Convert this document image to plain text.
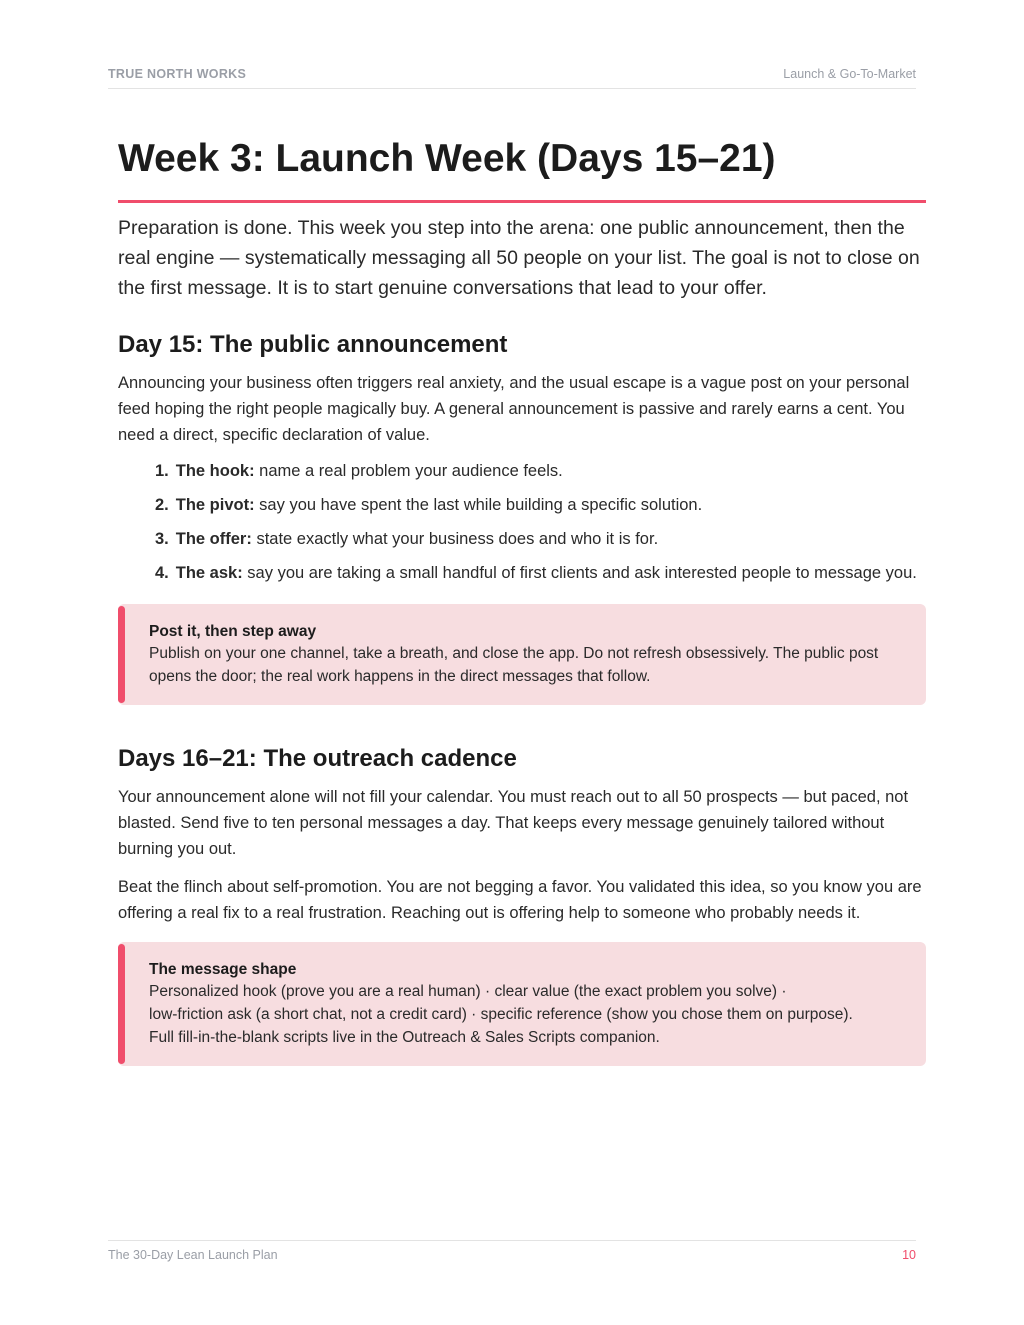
TRUE NORTH WORKS	Launch & Go-To-Market
Week 3: Launch Week (Days 15–21)

Preparation is done. This week you step into the arena: one public announcement, then the real engine — systematically messaging all 50 people on your list. The goal is not to close on the first message. It is to start genuine conversations that lead to your offer.

Day 15: The public announcement

Announcing your business often triggers real anxiety, and the usual escape is a vague post on your personal feed hoping the right people magically buy. A general announcement is passive and rarely earns a cent. You need a direct, specific declaration of value.

1. The hook: name a real problem your audience feels.
2. The pivot: say you have spent the last while building a specific solution.
3. The offer: state exactly what your business does and who it is for.
4. The ask: say you are taking a small handful of first clients and ask interested people to message you.
Post it, then step away
Publish on your one channel, take a breath, and close the app. Do not refresh obsessively. The public post opens the door; the real work happens in the direct messages that follow.
Days 16–21: The outreach cadence

Your announcement alone will not fill your calendar. You must reach out to all 50 prospects — but paced, not blasted. Send five to ten personal messages a day. That keeps every message genuinely tailored without burning you out.

Beat the flinch about self-promotion. You are not begging a favor. You validated this idea, so you know you are offering a real fix to a real frustration. Reaching out is offering help to someone who probably needs it.

The message shape
Personalized hook (prove you are a real human) · clear value (the exact problem you solve) ·
low-friction ask (a short chat, not a credit card) · specific reference (show you chose them on purpose).
Full fill-in-the-blank scripts live in the Outreach & Sales Scripts companion.
The 30-Day Lean Launch Plan	10
